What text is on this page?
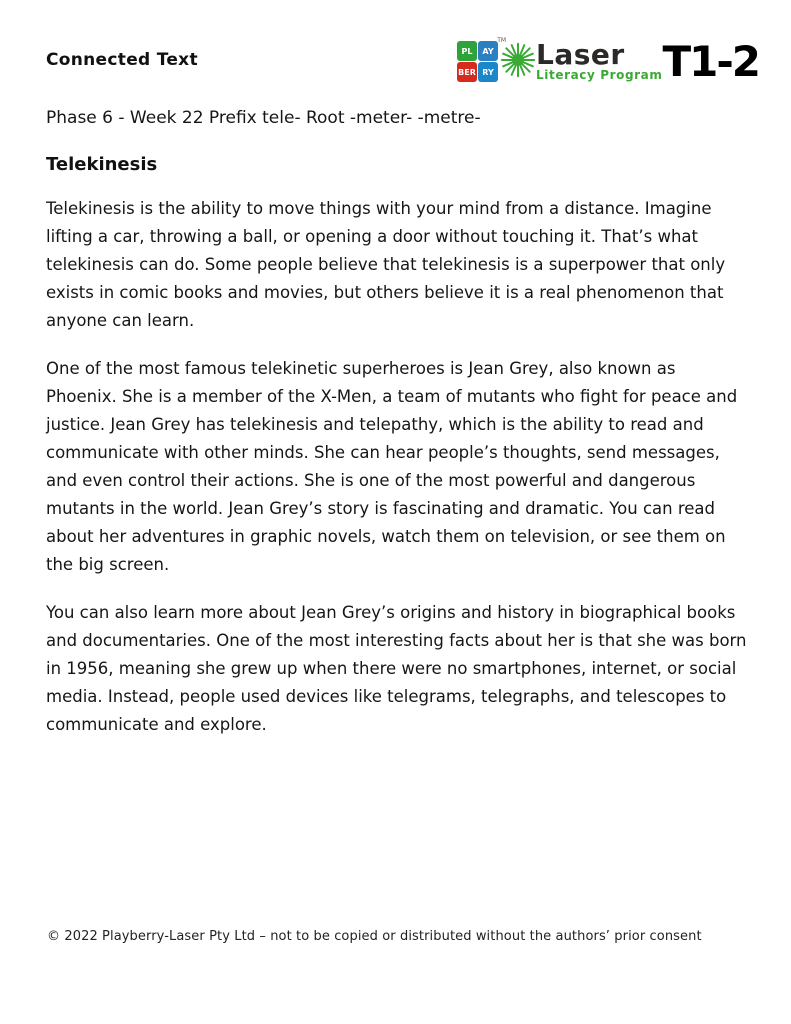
Connected Text	PL	AY
BER RY
TM Laser
Literacy Program T1-2
Phase 6 - Week 22 Prefix tele- Root -meter- -metre-
Telekinesis

Telekinesis is the ability to move things with your mind from a distance. Imagine lifting a car, throwing a ball, or opening a door without touching it. That’s what telekinesis can do. Some people believe that telekinesis is a superpower that only exists in comic books and movies, but others believe it is a real phenomenon that anyone can learn.

One of the most famous telekinetic superheroes is Jean Grey, also known as Phoenix. She is a member of the X-Men, a team of mutants who fight for peace and justice. Jean Grey has telekinesis and telepathy, which is the ability to read and communicate with other minds. She can hear people’s thoughts, send messages, and even control their actions. She is one of the most powerful and dangerous mutants in the world. Jean Grey’s story is fascinating and dramatic. You can read about her adventures in graphic novels, watch them on television, or see them on the big screen.

You can also learn more about Jean Grey’s origins and history in biographical books and documentaries. One of the most interesting facts about her is that she was born in 1956, meaning she grew up when there were no smartphones, internet, or social media. Instead, people used devices like telegrams, telegraphs, and telescopes to communicate and explore.

© 2022 Playberry-Laser Pty Ltd – not to be copied or distributed without the authors’ prior consent
